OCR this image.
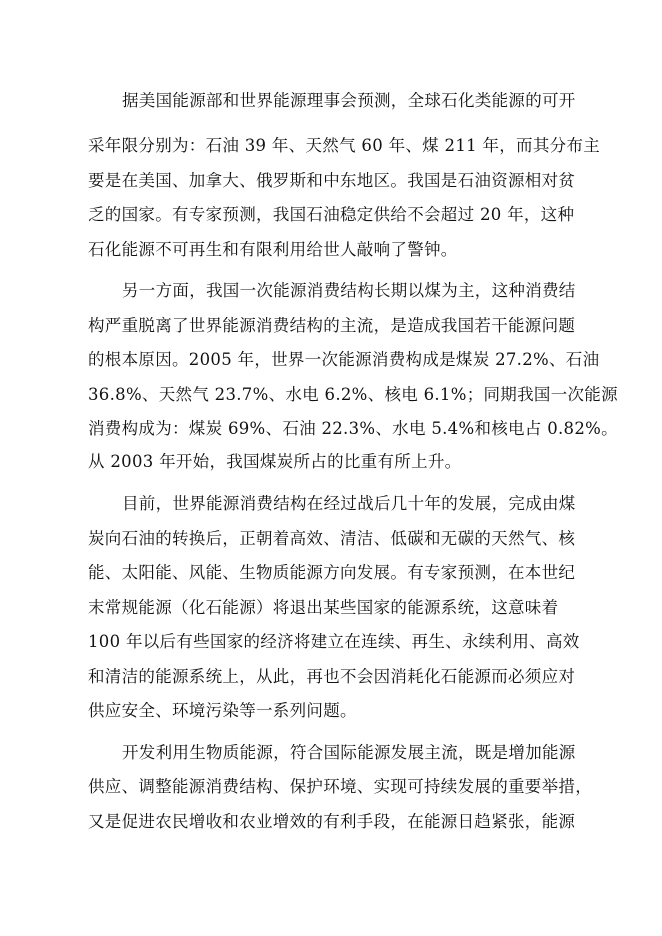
据美国能源部和世界能源理事会预测，全球石化类能源的可开
采年限分别为：石油 39 年、天然气 60 年、煤 211 年，而其分布主
要是在美国、加拿大、俄罗斯和中东地区。我国是石油资源相对贫
乏的国家。有专家预测，我国石油稳定供给不会超过 20 年，这种
石化能源不可再生和有限利用给世人敲响了警钟。
另一方面，我国一次能源消费结构长期以煤为主，这种消费结
构严重脱离了世界能源消费结构的主流，是造成我国若干能源问题
的根本原因。2005 年，世界一次能源消费构成是煤炭 27.2%、石油
36.8%、天然气 23.7%、水电 6.2%、核电 6.1%；同期我国一次能源
消费构成为：煤炭 69%、石油 22.3%、水电 5.4%和核电占 0.82%。
从 2003 年开始，我国煤炭所占的比重有所上升。
目前，世界能源消费结构在经过战后几十年的发展，完成由煤
炭向石油的转换后，正朝着高效、清洁、低碳和无碳的天然气、核
能、太阳能、风能、生物质能源方向发展。有专家预测，在本世纪
末常规能源（化石能源）将退出某些国家的能源系统，这意味着
100 年以后有些国家的经济将建立在连续、再生、永续利用、高效
和清洁的能源系统上，从此，再也不会因消耗化石能源而必须应对
供应安全、环境污染等一系列问题。
开发利用生物质能源，符合国际能源发展主流，既是增加能源
供应、调整能源消费结构、保护环境、实现可持续发展的重要举措，
又是促进农民增收和农业增效的有利手段，在能源日趋紧张，能源
